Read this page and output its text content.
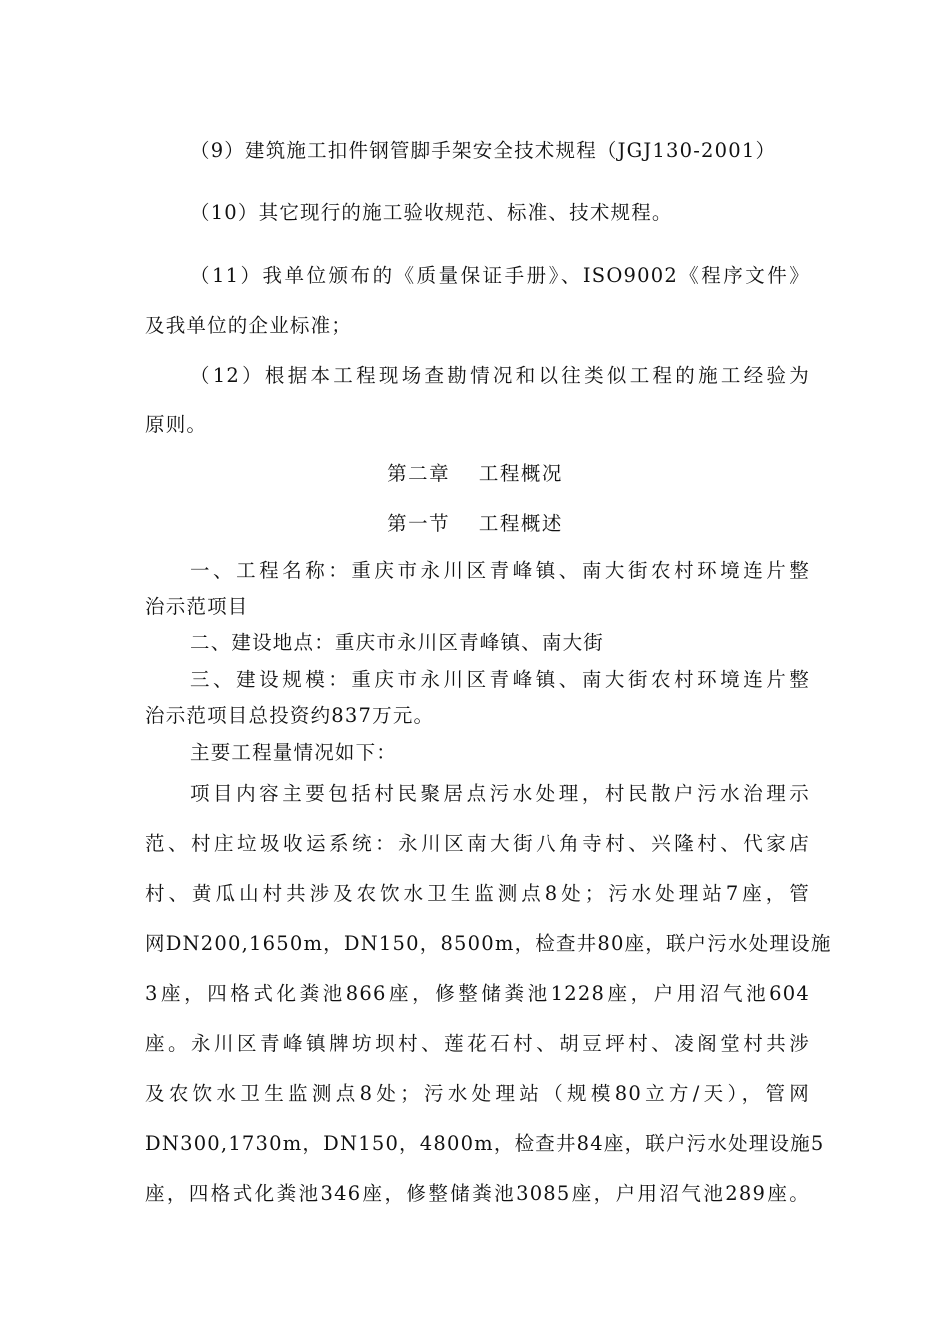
（9）建筑施工扣件钢管脚手架安全技术规程（JGJ130-2001）
（10）其它现行的施工验收规范、标准、技术规程。
（11）我单位颁布的《质量保证手册》、ISO9002《程序文件》
及我单位的企业标准；
（12）根据本工程现场查勘情况和以往类似工程的施工经验为
原则。
第二章　 工程概况
第一节　 工程概述
一、工程名称：重庆市永川区青峰镇、南大街农村环境连片整
治示范项目
二、建设地点：重庆市永川区青峰镇、南大街
三、建设规模：重庆市永川区青峰镇、南大街农村环境连片整
治示范项目总投资约837万元。
主要工程量情况如下：
项目内容主要包括村民聚居点污水处理，村民散户污水治理示
范、村庄垃圾收运系统：永川区南大街八角寺村、兴隆村、代家店
村、黄瓜山村共涉及农饮水卫生监测点8处；污水处理站7座，管
网DN200,1650m，DN150，8500m，检查井80座，联户污水处理设施
3座，四格式化粪池866座，修整储粪池1228座，户用沼气池604
座。永川区青峰镇牌坊坝村、莲花石村、胡豆坪村、凌阁堂村共涉
及农饮水卫生监测点8处；污水处理站（规模80立方/天），管网
DN300,1730m，DN150，4800m，检查井84座，联户污水处理设施5
座，四格式化粪池346座，修整储粪池3085座，户用沼气池289座。
